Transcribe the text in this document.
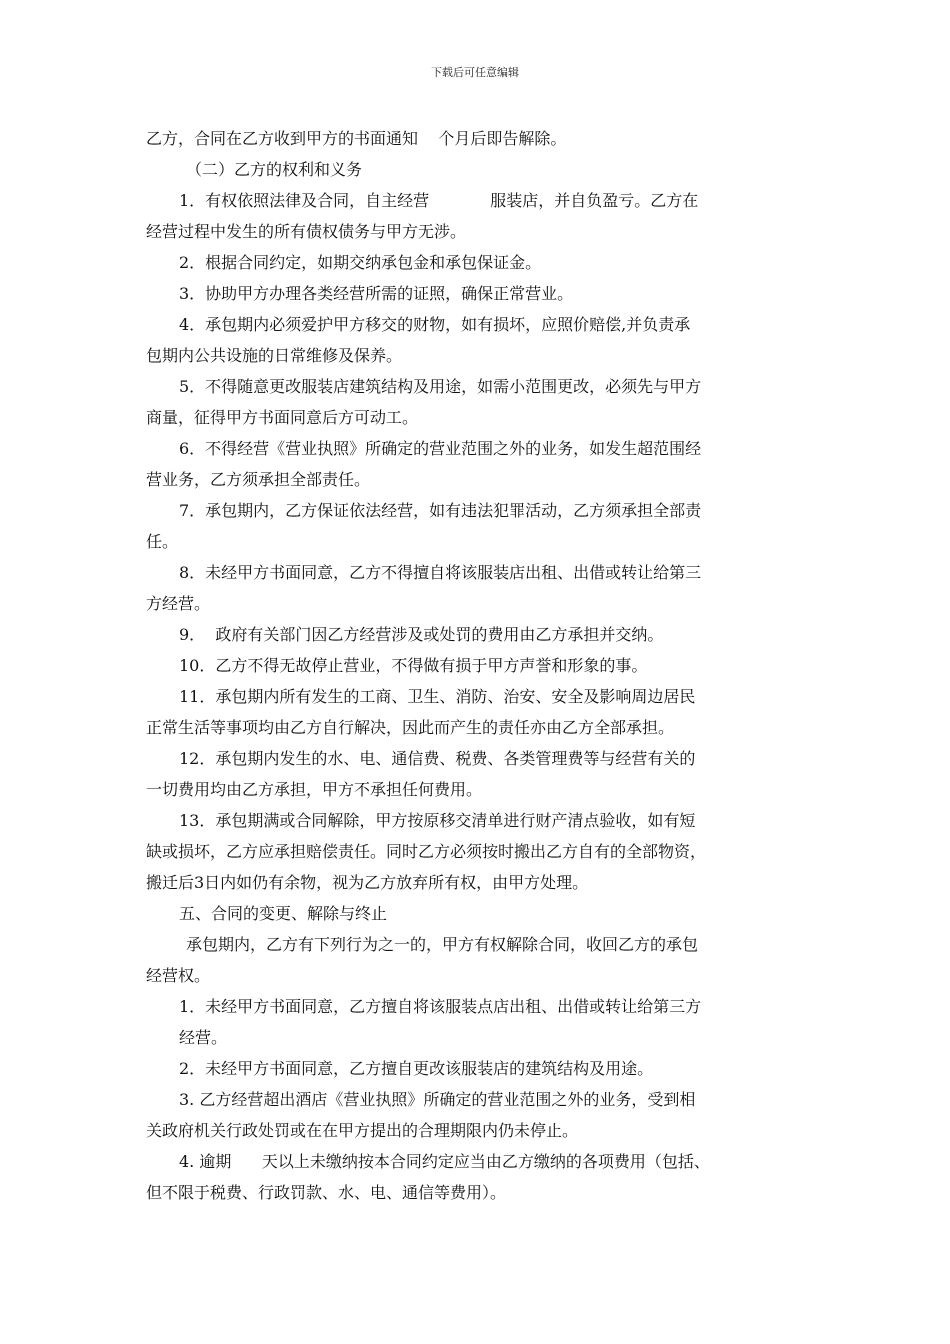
下载后可任意编辑
乙方，合同在乙方收到甲方的书面通知    个月后即告解除。
（二）乙方的权利和义务
1．有权依照法律及合同，自主经营            服装店，并自负盈亏。乙方在
经营过程中发生的所有债权债务与甲方无涉。
2．根据合同约定，如期交纳承包金和承包保证金。
3．协助甲方办理各类经营所需的证照，确保正常营业。
4．承包期内必须爱护甲方移交的财物，如有损坏，应照价赔偿,并负责承
包期内公共设施的日常维修及保养。
5．不得随意更改服装店建筑结构及用途，如需小范围更改，必须先与甲方
商量，征得甲方书面同意后方可动工。
6．不得经营《营业执照》所确定的营业范围之外的业务，如发生超范围经
营业务，乙方须承担全部责任。
7．承包期内，乙方保证依法经营，如有违法犯罪活动，乙方须承担全部责
任。
8．未经甲方书面同意，乙方不得擅自将该服装店出租、出借或转让给第三
方经营。
9．  政府有关部门因乙方经营涉及或处罚的费用由乙方承担并交纳。
10．乙方不得无故停止营业，不得做有损于甲方声誉和形象的事。
11．承包期内所有发生的工商、卫生、消防、治安、安全及影响周边居民
正常生活等事项均由乙方自行解决，因此而产生的责任亦由乙方全部承担。
12．承包期内发生的水、电、通信费、税费、各类管理费等与经营有关的
一切费用均由乙方承担，甲方不承担任何费用。
13．承包期满或合同解除，甲方按原移交清单进行财产清点验收，如有短
缺或损坏，乙方应承担赔偿责任。同时乙方必须按时搬出乙方自有的全部物资，
搬迁后3日内如仍有余物，视为乙方放弃所有权，由甲方处理。
五、合同的变更、解除与终止
承包期内，乙方有下列行为之一的，甲方有权解除合同，收回乙方的承包
经营权。
1．未经甲方书面同意，乙方擅自将该服装点店出租、出借或转让给第三方
经营。
2．未经甲方书面同意，乙方擅自更改该服装店的建筑结构及用途。
3. 乙方经营超出酒店《营业执照》所确定的营业范围之外的业务，受到相
关政府机关行政处罚或在在甲方提出的合理期限内仍未停止。
4. 逾期      天以上未缴纳按本合同约定应当由乙方缴纳的各项费用（包括、
但不限于税费、行政罚款、水、电、通信等费用）。
